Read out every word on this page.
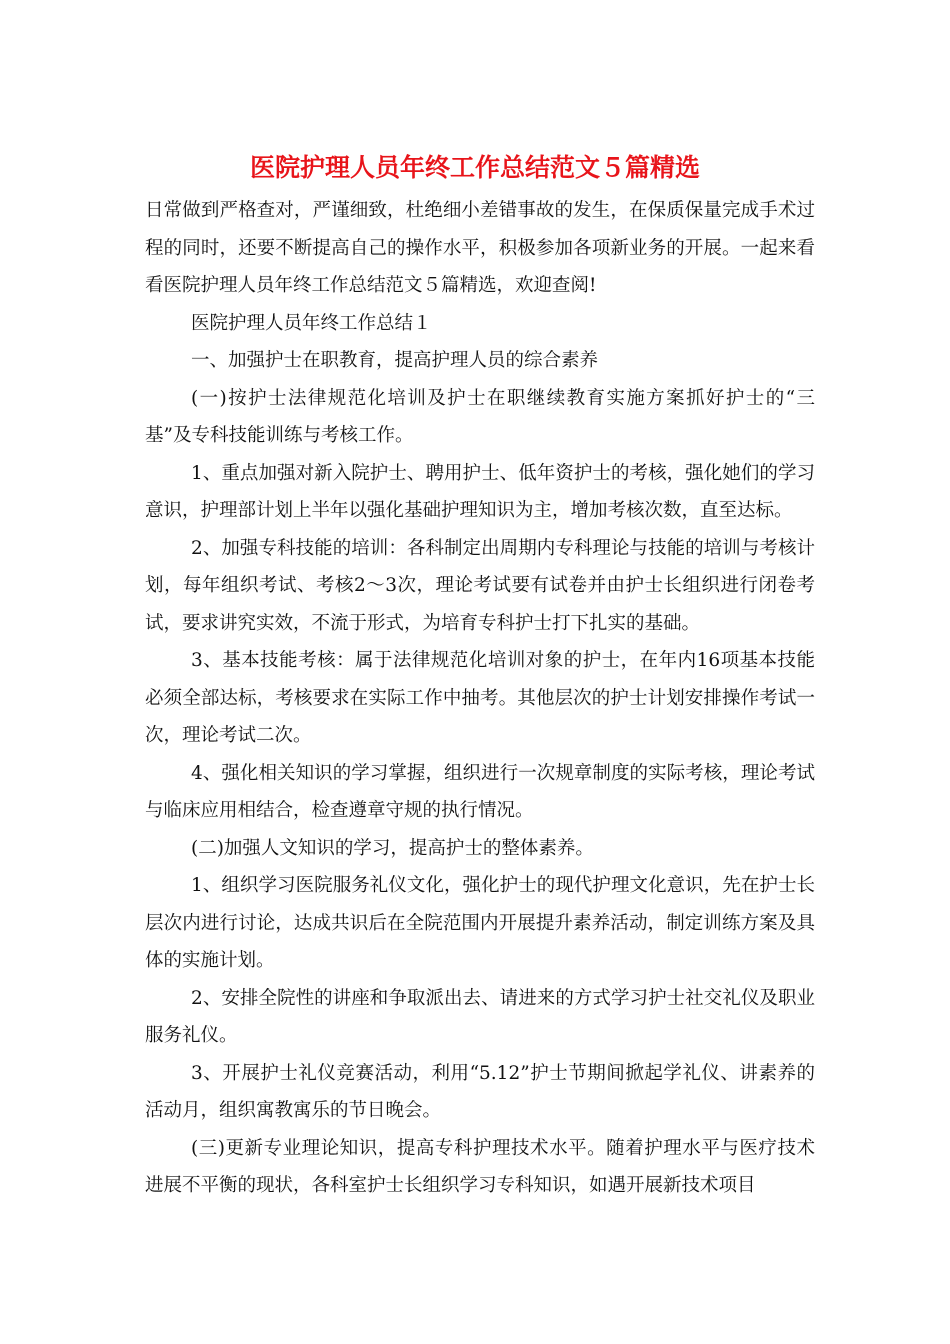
医院护理人员年终工作总结范文５篇精选

日常做到严格查对，严谨细致，杜绝细小差错事故的发生，在保质保量完成手术过程的同时，还要不断提高自己的操作水平，积极参加各项新业务的开展。一起来看看医院护理人员年终工作总结范文５篇精选，欢迎查阅!

医院护理人员年终工作总结１

一、加强护士在职教育，提高护理人员的综合素养

(一)按护士法律规范化培训及护士在职继续教育实施方案抓好护士的“三基”及专科技能训练与考核工作。

1、重点加强对新入院护士、聘用护士、低年资护士的考核，强化她们的学习意识，护理部计划上半年以强化基础护理知识为主，增加考核次数，直至达标。

2、加强专科技能的培训：各科制定出周期内专科理论与技能的培训与考核计划，每年组织考试、考核2～3次，理论考试要有试卷并由护士长组织进行闭卷考试，要求讲究实效，不流于形式，为培育专科护士打下扎实的基础。

3、基本技能考核：属于法律规范化培训对象的护士，在年内16项基本技能必须全部达标，考核要求在实际工作中抽考。其他层次的护士计划安排操作考试一次，理论考试二次。

4、强化相关知识的学习掌握，组织进行一次规章制度的实际考核，理论考试与临床应用相结合，检查遵章守规的执行情况。

(二)加强人文知识的学习，提高护士的整体素养。

1、组织学习医院服务礼仪文化，强化护士的现代护理文化意识，先在护士长层次内进行讨论，达成共识后在全院范围内开展提升素养活动，制定训练方案及具体的实施计划。

2、安排全院性的讲座和争取派出去、请进来的方式学习护士社交礼仪及职业服务礼仪。

3、开展护士礼仪竞赛活动，利用“5.12”护士节期间掀起学礼仪、讲素养的活动月，组织寓教寓乐的节日晚会。

(三)更新专业理论知识，提高专科护理技术水平。随着护理水平与医疗技术进展不平衡的现状，各科室护士长组织学习专科知识，如遇开展新技术项目
